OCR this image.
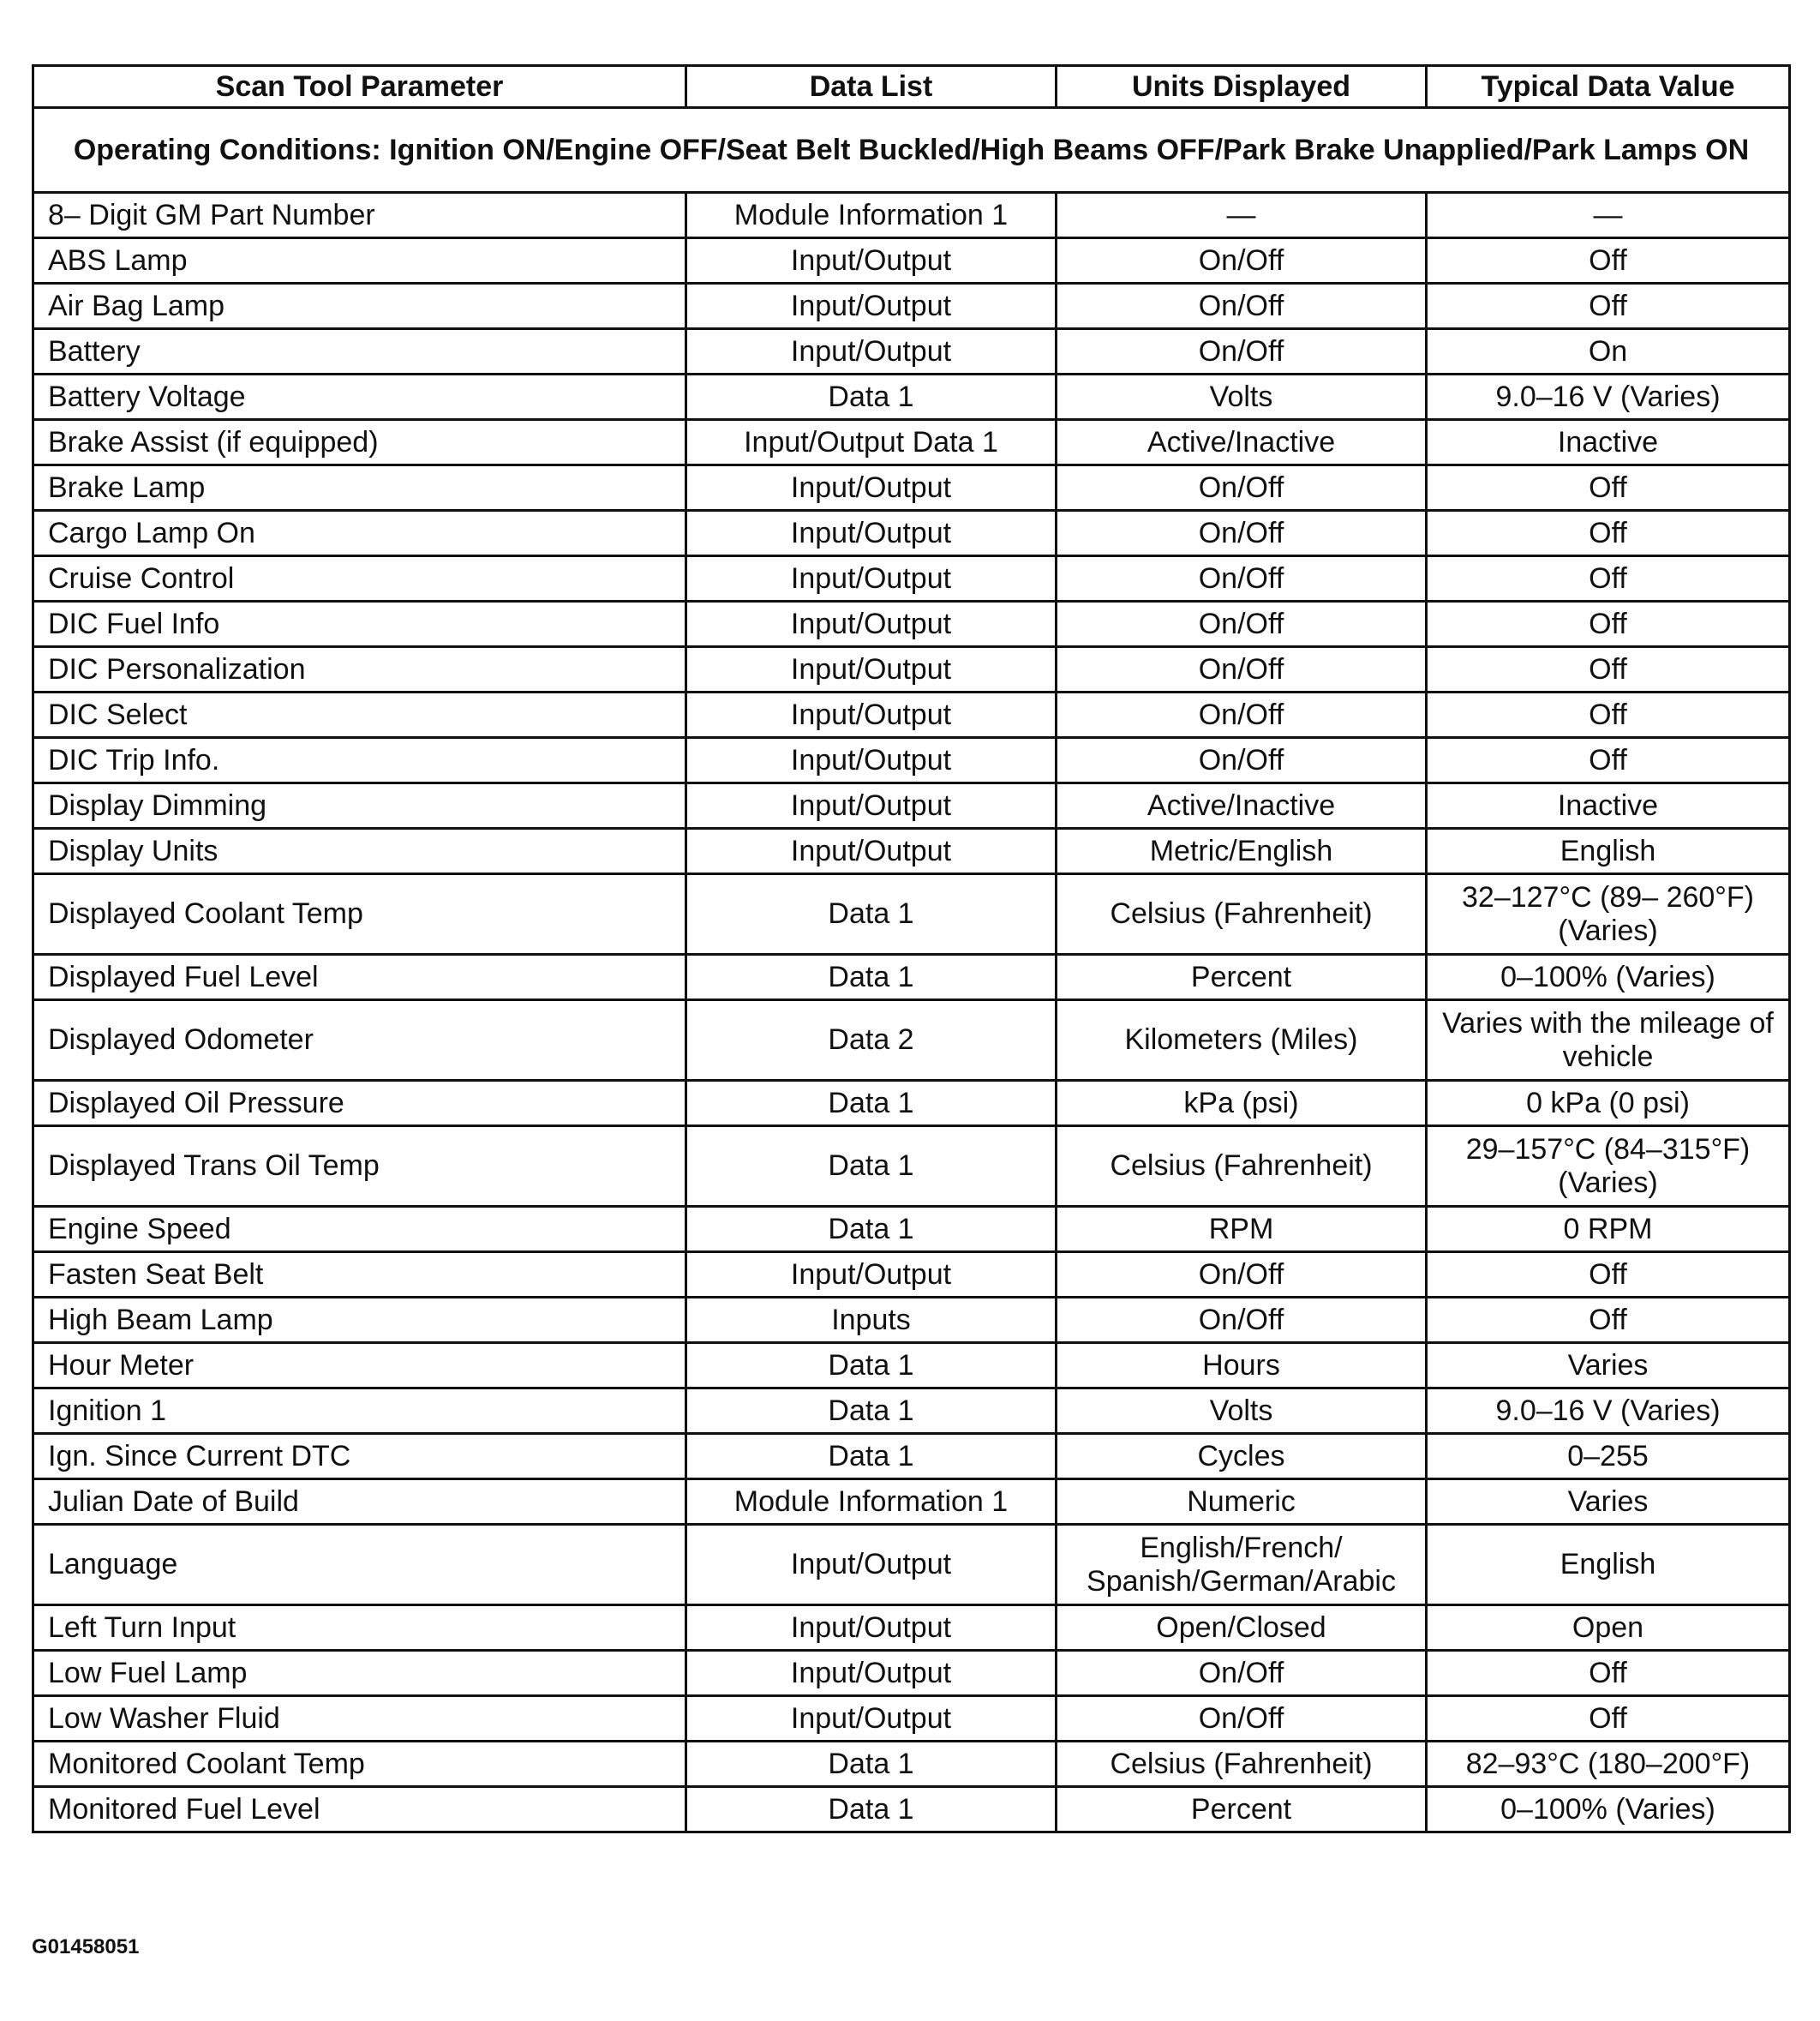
Scan Tool Parameter	Data List	Units Displayed	Typical Data Value
Operating Conditions: Ignition ON/Engine OFF/Seat Belt Buckled/High Beams OFF/Park Brake Unapplied/Park Lamps ON			
8– Digit GM Part Number	Module Information 1	—	—
ABS Lamp	Input/Output	On/Off	Off
Air Bag Lamp	Input/Output	On/Off	Off
Battery	Input/Output	On/Off	On
Battery Voltage	Data 1	Volts	9.0–16 V (Varies)
Brake Assist (if equipped)	Input/Output Data 1	Active/Inactive	Inactive
Brake Lamp	Input/Output	On/Off	Off
Cargo Lamp On	Input/Output	On/Off	Off
Cruise Control	Input/Output	On/Off	Off
DIC Fuel Info	Input/Output	On/Off	Off
DIC Personalization	Input/Output	On/Off	Off
DIC Select	Input/Output	On/Off	Off
DIC Trip Info.	Input/Output	On/Off	Off
Display Dimming	Input/Output	Active/Inactive	Inactive
Display Units	Input/Output	Metric/English	English
Displayed Coolant Temp	Data 1	Celsius (Fahrenheit)	32–127°C (89– 260°F) (Varies)
Displayed Fuel Level	Data 1	Percent	0–100% (Varies)
Displayed Odometer	Data 2	Kilometers (Miles)	Varies with the mileage of vehicle
Displayed Oil Pressure	Data 1	kPa (psi)	0 kPa (0 psi)
Displayed Trans Oil Temp	Data 1	Celsius (Fahrenheit)	29–157°C (84–315°F) (Varies)
Engine Speed	Data 1	RPM	0 RPM
Fasten Seat Belt	Input/Output	On/Off	Off
High Beam Lamp	Inputs	On/Off	Off
Hour Meter	Data 1	Hours	Varies
Ignition 1	Data 1	Volts	9.0–16 V (Varies)
Ign. Since Current DTC	Data 1	Cycles	0–255
Julian Date of Build	Module Information 1	Numeric	Varies
Language	Input/Output	English/French/ Spanish/German/Arabic	English
Left Turn Input	Input/Output	Open/Closed	Open
Low Fuel Lamp	Input/Output	On/Off	Off
Low Washer Fluid	Input/Output	On/Off	Off
Monitored Coolant Temp	Data 1	Celsius (Fahrenheit)	82–93°C (180–200°F)
Monitored Fuel Level	Data 1	Percent	0–100% (Varies)
G01458051
